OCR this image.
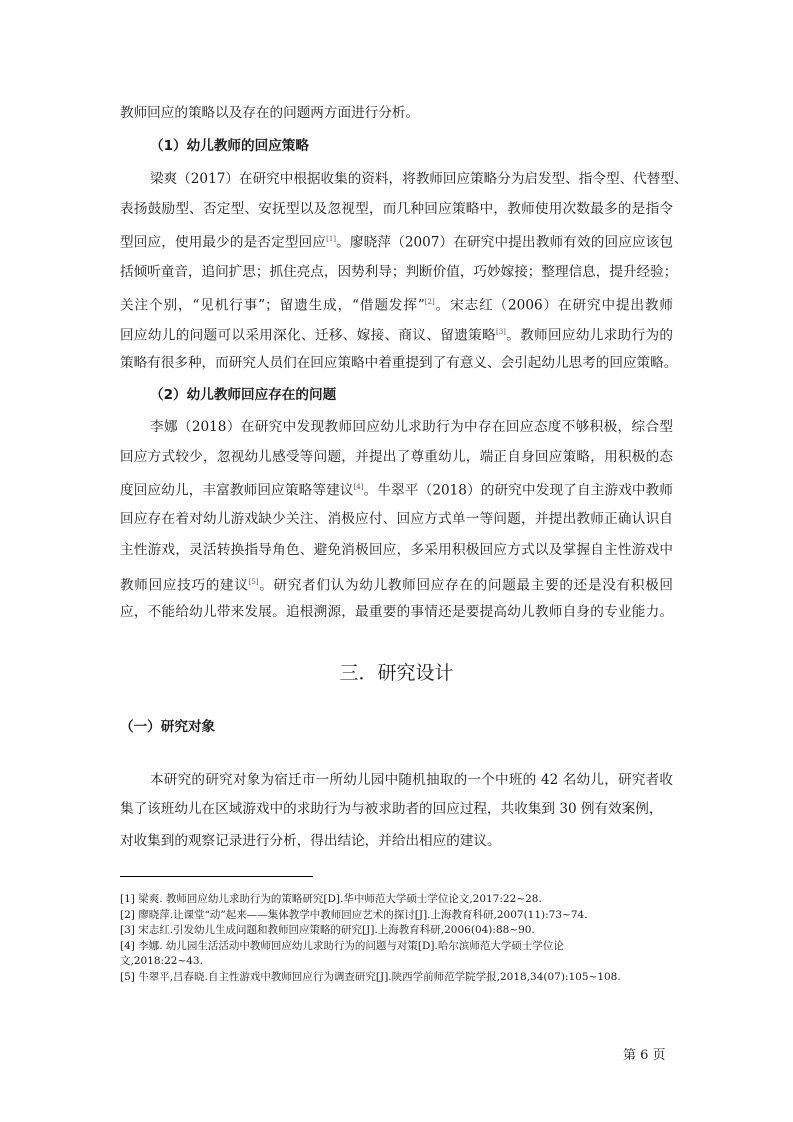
教师回应的策略以及存在的问题两方面进行分析。
（1）幼儿教师的回应策略
梁爽（2017）在研究中根据收集的资料，将教师回应策略分为启发型、指令型、代替型、
表扬鼓励型、否定型、安抚型以及忽视型，而几种回应策略中，教师使用次数最多的是指令
型回应，使用最少的是否定型回应[1]。廖晓萍（2007）在研究中提出教师有效的回应应该包
括倾听童音，追问扩思；抓住亮点，因势利导；判断价值，巧妙嫁接；整理信息，提升经验；
关注个别，“见机行事”；留遗生成，“借题发挥”[2]。宋志红（2006）在研究中提出教师
回应幼儿的问题可以采用深化、迁移、嫁接、商议、留遗策略[3]。教师回应幼儿求助行为的
策略有很多种，而研究人员们在回应策略中着重提到了有意义、会引起幼儿思考的回应策略。
（2）幼儿教师回应存在的问题
李娜（2018）在研究中发现教师回应幼儿求助行为中存在回应态度不够积极，综合型
回应方式较少，忽视幼儿感受等问题，并提出了尊重幼儿，端正自身回应策略，用积极的态
度回应幼儿，丰富教师回应策略等建议[4]。牛翠平（2018）的研究中发现了自主游戏中教师
回应存在着对幼儿游戏缺少关注、消极应付、回应方式单一等问题，并提出教师正确认识自
主性游戏，灵活转换指导角色、避免消极回应，多采用积极回应方式以及掌握自主性游戏中
教师回应技巧的建议[5]。研究者们认为幼儿教师回应存在的问题最主要的还是没有积极回
应，不能给幼儿带来发展。追根溯源，最重要的事情还是要提高幼儿教师自身的专业能力。
三．研究设计
（一）研究对象
本研究的研究对象为宿迁市一所幼儿园中随机抽取的一个中班的 42 名幼儿，研究者收
集了该班幼儿在区域游戏中的求助行为与被求助者的回应过程，共收集到 30 例有效案例，
对收集到的观察记录进行分析，得出结论，并给出相应的建议。
[1] 梁爽. 教师回应幼儿求助行为的策略研究[D].华中师范大学硕士学位论文,2017:22~28.
[2] 廖晓萍.让课堂“动”起来——集体教学中教师回应艺术的探讨[J].上海教育科研,2007(11):73~74.
[3] 宋志红.引发幼儿生成问题和教师回应策略的研究[J].上海教育科研,2006(04):88~90.
[4] 李娜. 幼儿园生活活动中教师回应幼儿求助行为的问题与对策[D].哈尔滨师范大学硕士学位论
文,2018:22~43.
[5] 牛翠平,吕春晓.自主性游戏中教师回应行为调查研究[J].陕西学前师范学院学报,2018,34(07):105~108.
第 6 页
